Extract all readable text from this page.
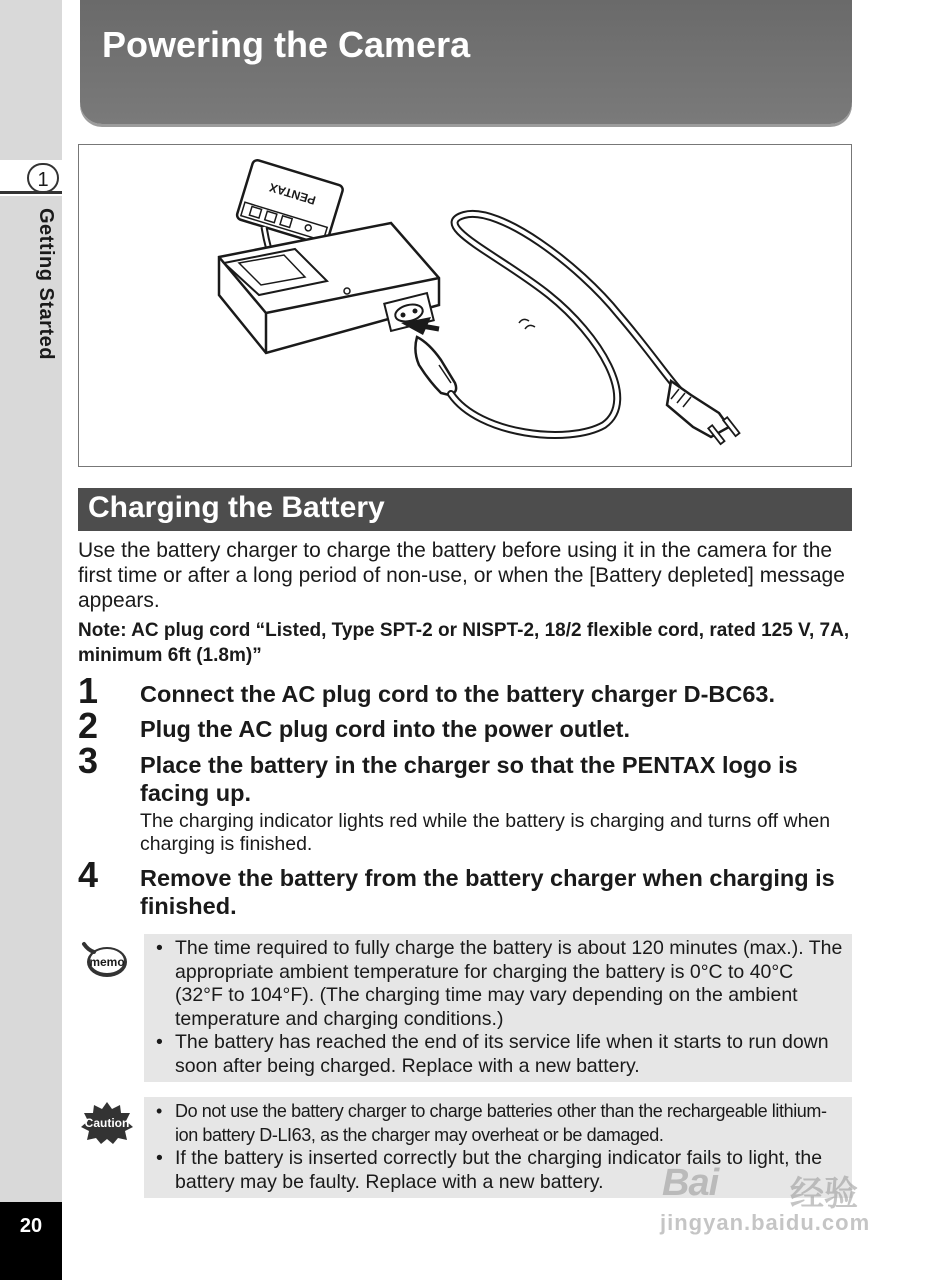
1
Getting Started
20
Powering the Camera
PENTAX
Charging the Battery
Use the battery charger to charge the battery before using it in the camera for the first time or after a long period of non-use, or when the [Battery depleted] message appears.
Note: AC plug cord “Listed, Type SPT-2 or NISPT-2, 18/2 flexible cord, rated 125 V, 7A, minimum 6ft (1.8m)”
1 Connect the AC plug cord to the battery charger D-BC63.
2 Plug the AC plug cord into the power outlet.
3 Place the battery in the charger so that the PENTAX logo is facing up.
The charging indicator lights red while the battery is charging and turns off when charging is finished.
4 Remove the battery from the battery charger when charging is finished.
memo
• The time required to fully charge the battery is about 120 minutes (max.). The appropriate ambient temperature for charging the battery is 0°C to 40°C (32°F to 104°F). (The charging time may vary depending on the ambient temperature and charging conditions.)
• The battery has reached the end of its service life when it starts to run down soon after being charged. Replace with a new battery.
Caution
• Do not use the battery charger to charge batteries other than the rechargeable lithium-ion battery D-LI63, as the charger may overheat or be damaged.
• If the battery is inserted correctly but the charging indicator fails to light, the battery may be faulty. Replace with a new battery.	Bai 经验
jingyan.baidu.com
